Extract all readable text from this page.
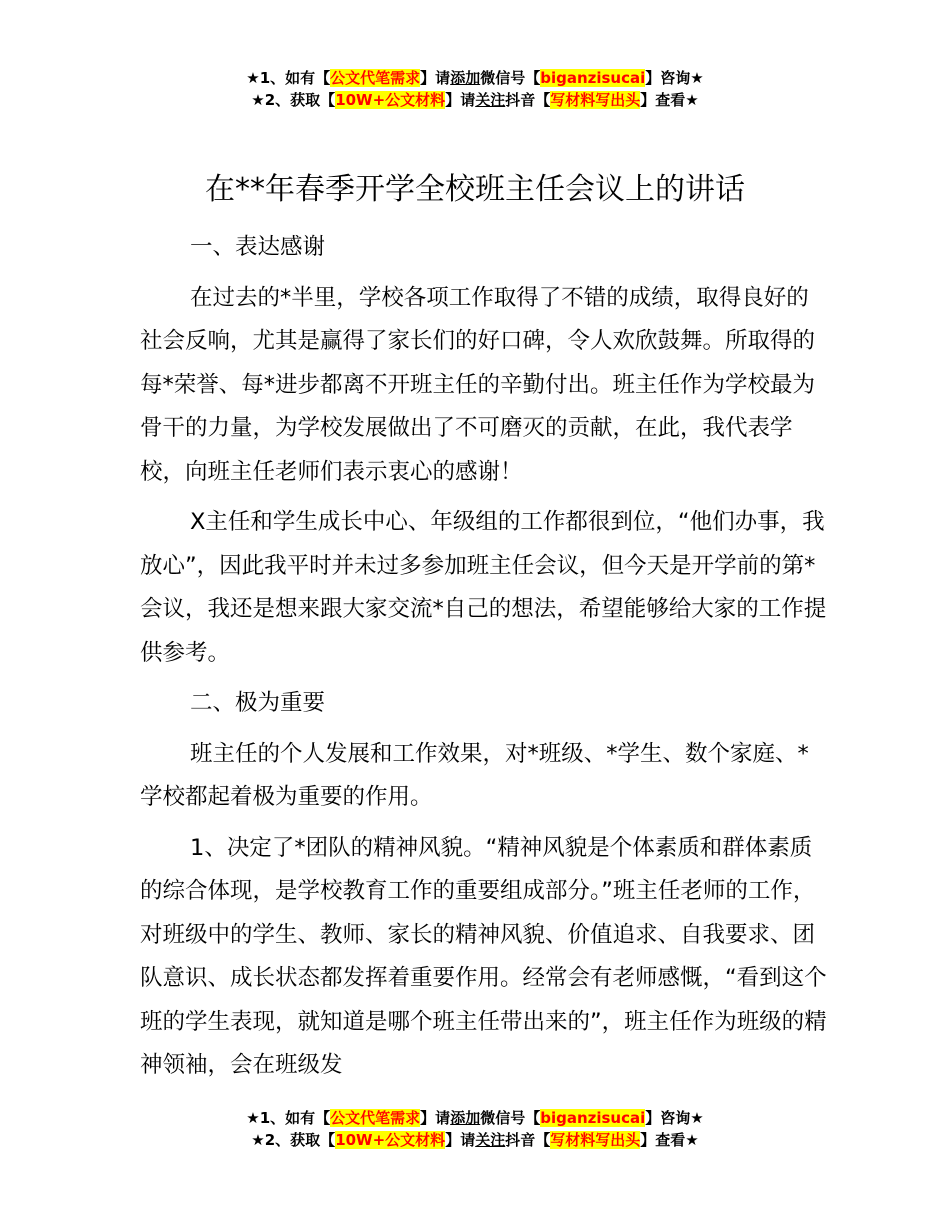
★1、如有【公文代笔需求】请添加微信号【biganzisucai】咨询★
★2、获取【10W+公文材料】请关注抖音【写材料写出头】查看★
在**年春季开学全校班主任会议上的讲话

一、表达感谢

在过去的*半里，学校各项工作取得了不错的成绩，取得良好的社会反响，尤其是赢得了家长们的好口碑，令人欢欣鼓舞。所取得的每*荣誉、每*进步都离不开班主任的辛勤付出。班主任作为学校最为骨干的力量，为学校发展做出了不可磨灭的贡献，在此，我代表学校，向班主任老师们表示衷心的感谢！

X主任和学生成长中心、年级组的工作都很到位，“他们办事，我放心”，因此我平时并未过多参加班主任会议，但今天是开学前的第*会议，我还是想来跟大家交流*自己的想法，希望能够给大家的工作提供参考。

二、极为重要

班主任的个人发展和工作效果，对*班级、*学生、数个家庭、*学校都起着极为重要的作用。

1、决定了*团队的精神风貌。“精神风貌是个体素质和群体素质的综合体现，是学校教育工作的重要组成部分。”班主任老师的工作，对班级中的学生、教师、家长的精神风貌、价值追求、自我要求、团队意识、成长状态都发挥着重要作用。经常会有老师感慨，“看到这个班的学生表现，就知道是哪个班主任带出来的”，班主任作为班级的精神领袖，会在班级发

★1、如有【公文代笔需求】请添加微信号【biganzisucai】咨询★
★2、获取【10W+公文材料】请关注抖音【写材料写出头】查看★
